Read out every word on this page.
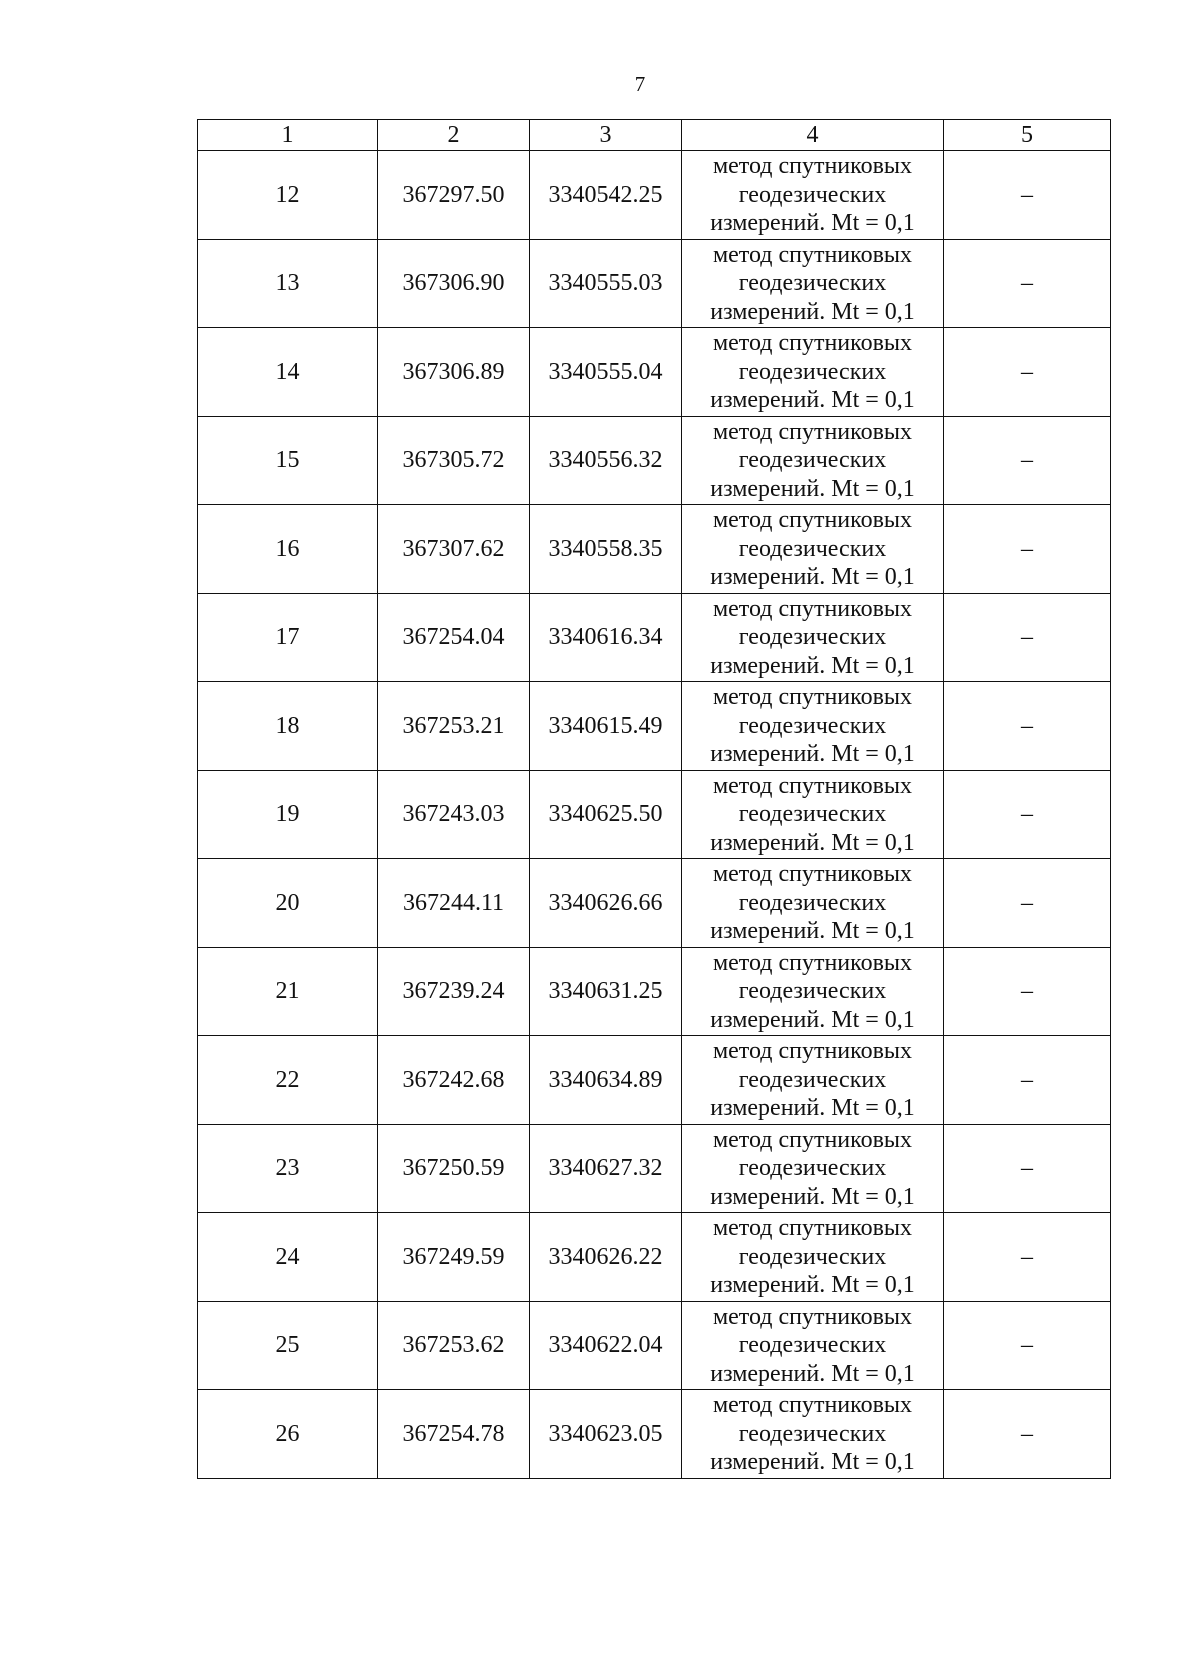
7
1	2	3	4	5
12	367297.50	3340542.25	метод спутниковых
геодезических
измерений. Mt = 0,1	–
13	367306.90	3340555.03	метод спутниковых
геодезических
измерений. Mt = 0,1	–
14	367306.89	3340555.04	метод спутниковых
геодезических
измерений. Mt = 0,1	–
15	367305.72	3340556.32	метод спутниковых
геодезических
измерений. Mt = 0,1	–
16	367307.62	3340558.35	метод спутниковых
геодезических
измерений. Mt = 0,1	–
17	367254.04	3340616.34	метод спутниковых
геодезических
измерений. Mt = 0,1	–
18	367253.21	3340615.49	метод спутниковых
геодезических
измерений. Mt = 0,1	–
19	367243.03	3340625.50	метод спутниковых
геодезических
измерений. Mt = 0,1	–
20	367244.11	3340626.66	метод спутниковых
геодезических
измерений. Mt = 0,1	–
21	367239.24	3340631.25	метод спутниковых
геодезических
измерений. Mt = 0,1	–
22	367242.68	3340634.89	метод спутниковых
геодезических
измерений. Mt = 0,1	–
23	367250.59	3340627.32	метод спутниковых
геодезических
измерений. Mt = 0,1	–
24	367249.59	3340626.22	метод спутниковых
геодезических
измерений. Mt = 0,1	–
25	367253.62	3340622.04	метод спутниковых
геодезических
измерений. Mt = 0,1	–
26	367254.78	3340623.05	метод спутниковых
геодезических
измерений. Mt = 0,1	–
